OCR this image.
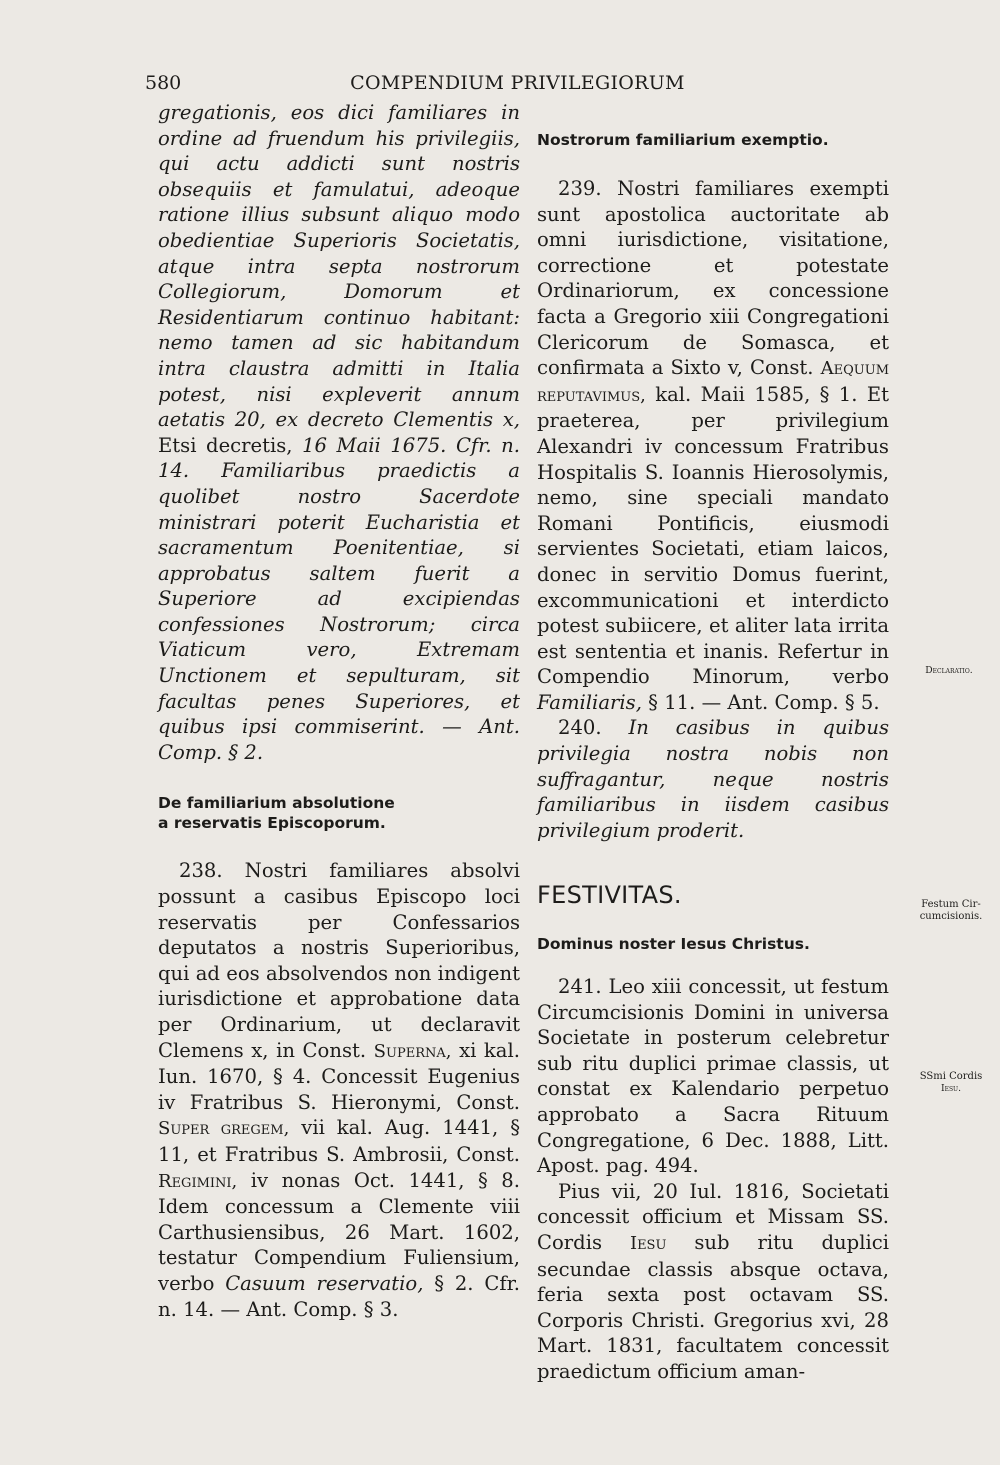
580	COMPENDIUM PRIVILEGIORUM

gregationis, eos dici familiares in ordine ad fruendum his privilegiis, qui actu addicti sunt nostris obsequiis et famulatui, adeoque ratione illius subsunt aliquo modo obedientiae Superioris Societatis, atque intra septa nostrorum Collegiorum, Domorum et Residentiarum continuo habitant: nemo tamen ad sic habitandum intra claustra admitti in Italia potest, nisi expleverit annum aetatis 20, ex decreto Clementis x, Etsi decretis, 16 Maii 1675. Cfr. n. 14. Familiaribus praedictis a quolibet nostro Sacerdote ministrari poterit Eucharistia et sacramentum Poenitentiae, si approbatus saltem fuerit a Superiore ad excipiendas confessiones Nostrorum; circa Viaticum vero, Extremam Unctionem et sepulturam, sit facultas penes Superiores, et quibus ipsi commiserint. — Ant. Comp. § 2.

De familiarium absolutione
a reservatis Episcoporum.

238. Nostri familiares absolvi possunt a casibus Episcopo loci reservatis per Confessarios deputatos a nostris Superioribus, qui ad eos absolvendos non indigent iurisdictione et approbatione data per Ordinarium, ut declaravit Clemens x, in Const. Superna, xi kal. Iun. 1670, § 4. Concessit Eugenius iv Fratribus S. Hieronymi, Const. Super gregem, vii kal. Aug. 1441, § 11, et Fratribus S. Ambrosii, Const. Regimini, iv nonas Oct. 1441, § 8. Idem concessum a Clemente viii Carthusiensibus, 26 Mart. 1602, testatur Compendium Fuliensium, verbo Casuum reservatio, § 2. Cfr. n. 14. — Ant. Comp. § 3.

Nostrorum familiarium exemptio.

239. Nostri familiares exempti sunt apostolica auctoritate ab omni iurisdictione, visitatione, correctione et potestate Ordinariorum, ex concessione facta a Gregorio xiii Congregationi Clericorum de Somasca, et confirmata a Sixto v, Const. Aequum reputavimus, kal. Maii 1585, § 1. Et praeterea, per privilegium Alexandri iv concessum Fratribus Hospitalis S. Ioannis Hierosolymis, nemo, sine speciali mandato Romani Pontificis, eiusmodi servientes Societati, etiam laicos, donec in servitio Domus fuerint, excommunicationi et interdicto potest subiicere, et aliter lata irrita est sententia et inanis. Refertur in Compendio Minorum, verbo Familiaris, § 11. — Ant. Comp. § 5.

240. In casibus in quibus privilegia nostra nobis non suffragantur, neque nostris familiaribus in iisdem casibus privilegium proderit.

FESTIVITAS.

Dominus noster Iesus Christus.

241. Leo xiii concessit, ut festum Circumcisionis Domini in universa Societate in posterum celebretur sub ritu duplici primae classis, ut constat ex Kalendario perpetuo approbato a Sacra Rituum Congregatione, 6 Dec. 1888, Litt. Apost. pag. 494.

Pius vii, 20 Iul. 1816, Societati concessit officium et Missam SS. Cordis Iesu sub ritu duplici secundae classis absque octava, feria sexta post octavam SS. Corporis Christi. Gregorius xvi, 28 Mart. 1831, facultatem concessit praedictum officium aman-

Declaratio.
Festum Cir-
cumcisionis.
SSmi Cordis
Iesu.
